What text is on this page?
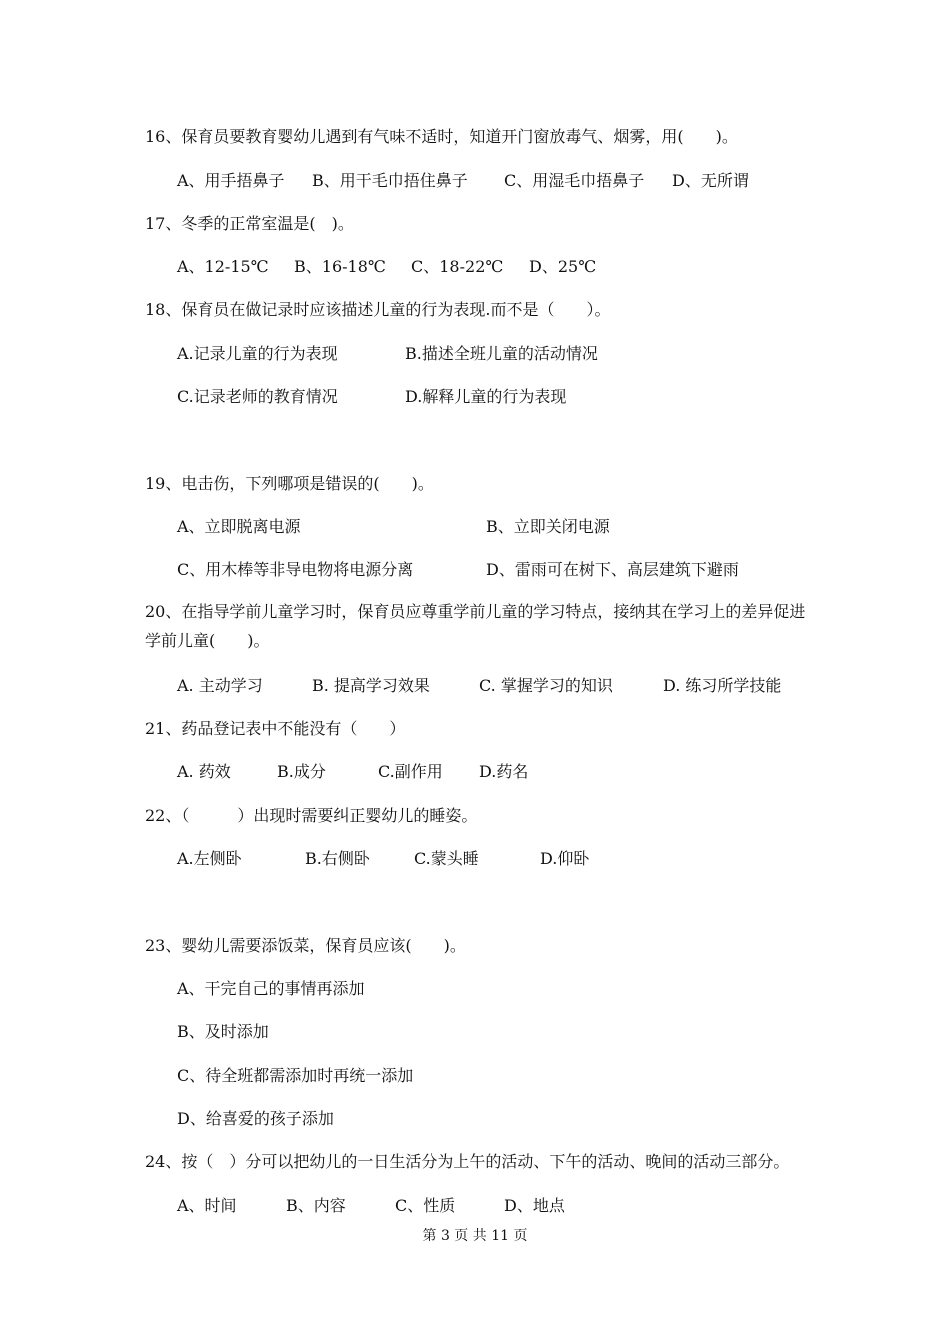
16、保育员要教育婴幼儿遇到有气味不适时，知道开门窗放毒气、烟雾，用(　　)。
A、用手捂鼻子 B、用干毛巾捂住鼻子 C、用湿毛巾捂鼻子 D、无所谓
17、冬季的正常室温是(　)。
A、12-15℃ B、16-18℃ C、18-22℃ D、25℃
18、保育员在做记录时应该描述儿童的行为表现.而不是（　　）。
A.记录儿童的行为表现	B.描述全班儿童的活动情况
C.记录老师的教育情况	D.解释儿童的行为表现
19、电击伤，下列哪项是错误的(　　)。
A、立即脱离电源	B、立即关闭电源
C、用木棒等非导电物将电源分离	D、雷雨可在树下、高层建筑下避雨
20、在指导学前儿童学习时，保育员应尊重学前儿童的学习特点，接纳其在学习上的差异促进学前儿童(　　)。
A. 主动学习	B. 提高学习效果	C. 掌握学习的知识	D. 练习所学技能
21、药品登记表中不能没有（　　）
A. 药效	B.成分	C.副作用 D.药名
22、（　　　）出现时需要纠正婴幼儿的睡姿。
A.左侧卧	B.右侧卧	C.蒙头睡	D.仰卧
23、婴幼儿需要添饭菜，保育员应该(　　)。
A、干完自己的事情再添加
B、及时添加
C、待全班都需添加时再统一添加
D、给喜爱的孩子添加
24、按（　）分可以把幼儿的一日生活分为上午的活动、下午的活动、晚间的活动三部分。
A、时间	B、内容	C、性质	D、地点
第 3 页 共 11 页
